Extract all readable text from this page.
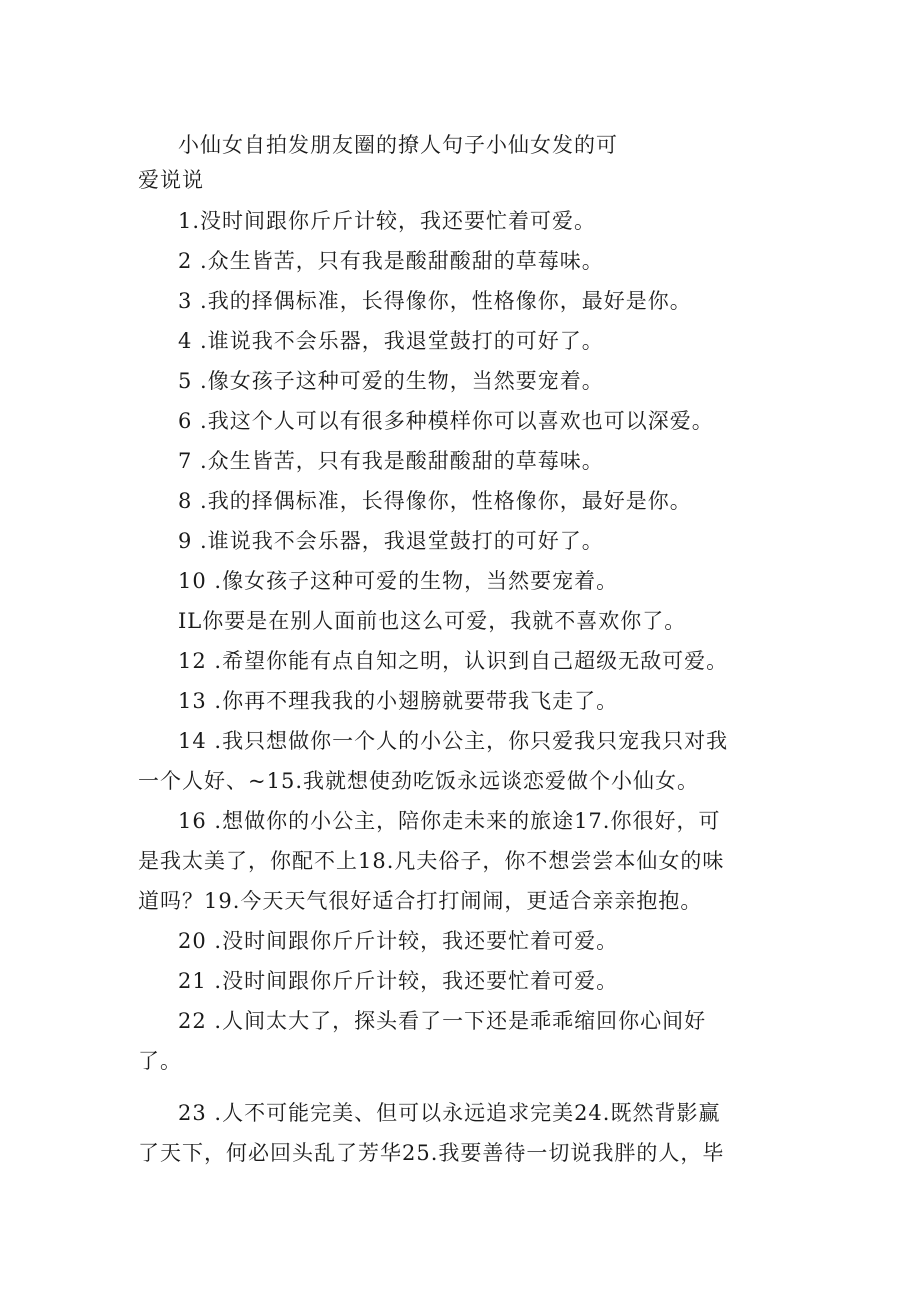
小仙女自拍发朋友圈的撩人句子小仙女发的可
爱说说

1.没时间跟你斤斤计较，我还要忙着可爱。

2 .众生皆苦，只有我是酸甜酸甜的草莓味。

3 .我的择偶标准，长得像你，性格像你，最好是你。

4 .谁说我不会乐器，我退堂鼓打的可好了。

5 .像女孩子这种可爱的生物，当然要宠着。

6 .我这个人可以有很多种模样你可以喜欢也可以深爱。

7 .众生皆苦，只有我是酸甜酸甜的草莓味。

8 .我的择偶标准，长得像你，性格像你，最好是你。

9 .谁说我不会乐器，我退堂鼓打的可好了。

10 .像女孩子这种可爱的生物，当然要宠着。

IL你要是在别人面前也这么可爱，我就不喜欢你了。

12 .希望你能有点自知之明，认识到自己超级无敌可爱。

13 .你再不理我我的小翅膀就要带我飞走了。

14 .我只想做你一个人的小公主，你只爱我只宠我只对我

一个人好、~15.我就想使劲吃饭永远谈恋爱做个小仙女。

16 .想做你的小公主，陪你走未来的旅途17.你很好，可

是我太美了，你配不上18.凡夫俗子，你不想尝尝本仙女的味

道吗？19.今天天气很好适合打打闹闹，更适合亲亲抱抱。

20 .没时间跟你斤斤计较，我还要忙着可爱。

21 .没时间跟你斤斤计较，我还要忙着可爱。

22 .人间太大了，探头看了一下还是乖乖缩回你心间好

了。

23 .人不可能完美、但可以永远追求完美24.既然背影赢

了天下，何必回头乱了芳华25.我要善待一切说我胖的人，毕
